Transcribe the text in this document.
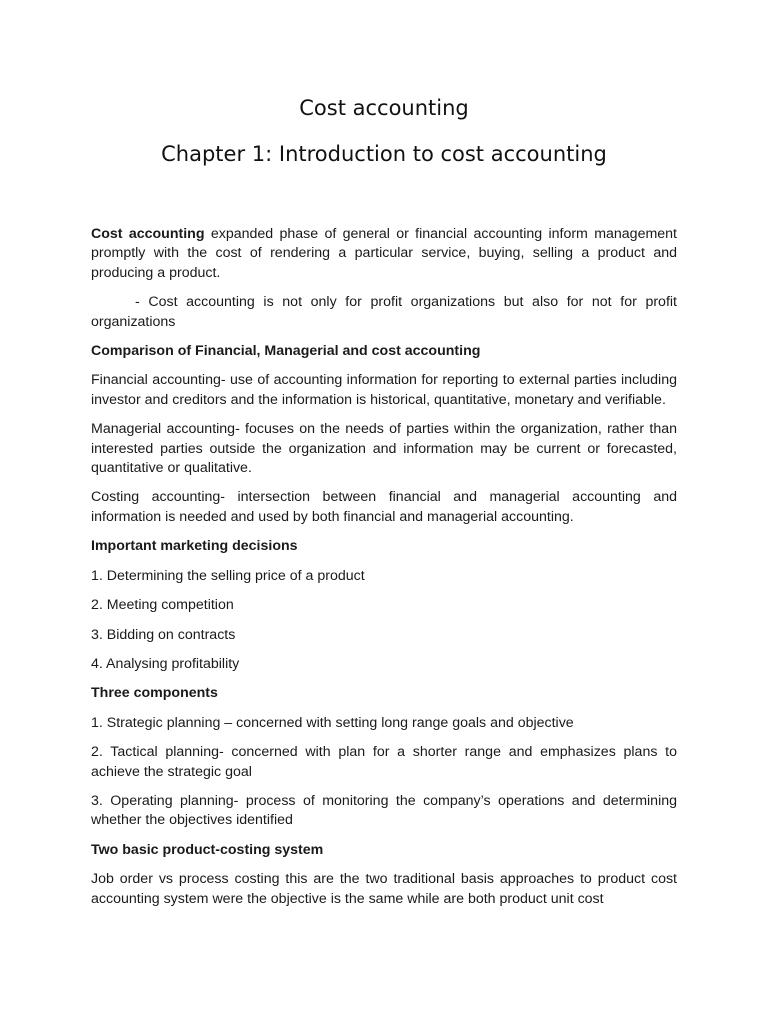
Cost accounting
Chapter 1: Introduction to cost accounting

Cost accounting expanded phase of general or financial accounting inform management promptly with the cost of rendering a particular service, buying, selling a product and producing a product.

- Cost accounting is not only for profit organizations but also for not for profit organizations

Comparison of Financial, Managerial and cost accounting

Financial accounting- use of accounting information for reporting to external parties including investor and creditors and the information is historical, quantitative, monetary and verifiable.

Managerial accounting- focuses on the needs of parties within the organization, rather than interested parties outside the organization and information may be current or forecasted, quantitative or qualitative.

Costing accounting- intersection between financial and managerial accounting and information is needed and used by both financial and managerial accounting.

Important marketing decisions

1. Determining the selling price of a product

2. Meeting competition

3. Bidding on contracts

4. Analysing profitability

Three components

1. Strategic planning – concerned with setting long range goals and objective

2. Tactical planning- concerned with plan for a shorter range and emphasizes plans to achieve the strategic goal

3. Operating planning- process of monitoring the company’s operations and determining whether the objectives identified

Two basic product-costing system

Job order vs process costing this are the two traditional basis approaches to product cost accounting system were the objective is the same while are both product unit cost
